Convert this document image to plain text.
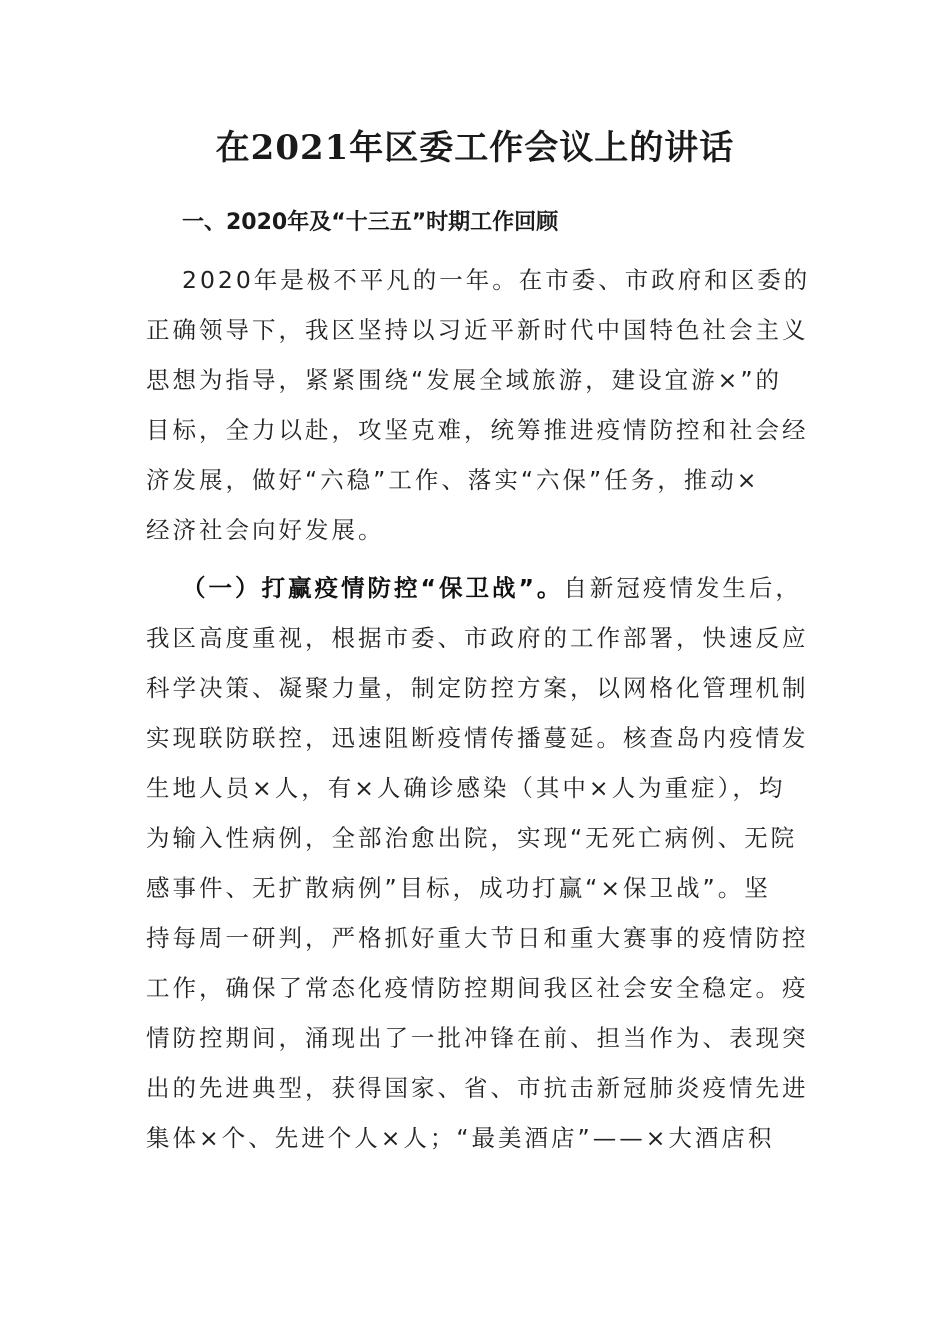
在2021年区委工作会议上的讲话
一、2020年及“十三五”时期工作回顾
2020年是极不平凡的一年。在市委、市政府和区委的
正确领导下，我区坚持以习近平新时代中国特色社会主义
思想为指导，紧紧围绕“发展全域旅游，建设宜游×”的
目标，全力以赴，攻坚克难，统筹推进疫情防控和社会经
济发展，做好“六稳”工作、落实“六保”任务，推动×
经济社会向好发展。
（一）打赢疫情防控“保卫战”。自新冠疫情发生后，
我区高度重视，根据市委、市政府的工作部署，快速反应
科学决策、凝聚力量，制定防控方案，以网格化管理机制
实现联防联控，迅速阻断疫情传播蔓延。核查岛内疫情发
生地人员×人，有×人确诊感染（其中×人为重症），均
为输入性病例，全部治愈出院，实现“无死亡病例、无院
感事件、无扩散病例”目标，成功打赢“×保卫战”。坚
持每周一研判，严格抓好重大节日和重大赛事的疫情防控
工作，确保了常态化疫情防控期间我区社会安全稳定。疫
情防控期间，涌现出了一批冲锋在前、担当作为、表现突
出的先进典型，获得国家、省、市抗击新冠肺炎疫情先进
集体×个、先进个人×人；“最美酒店”——×大酒店积
